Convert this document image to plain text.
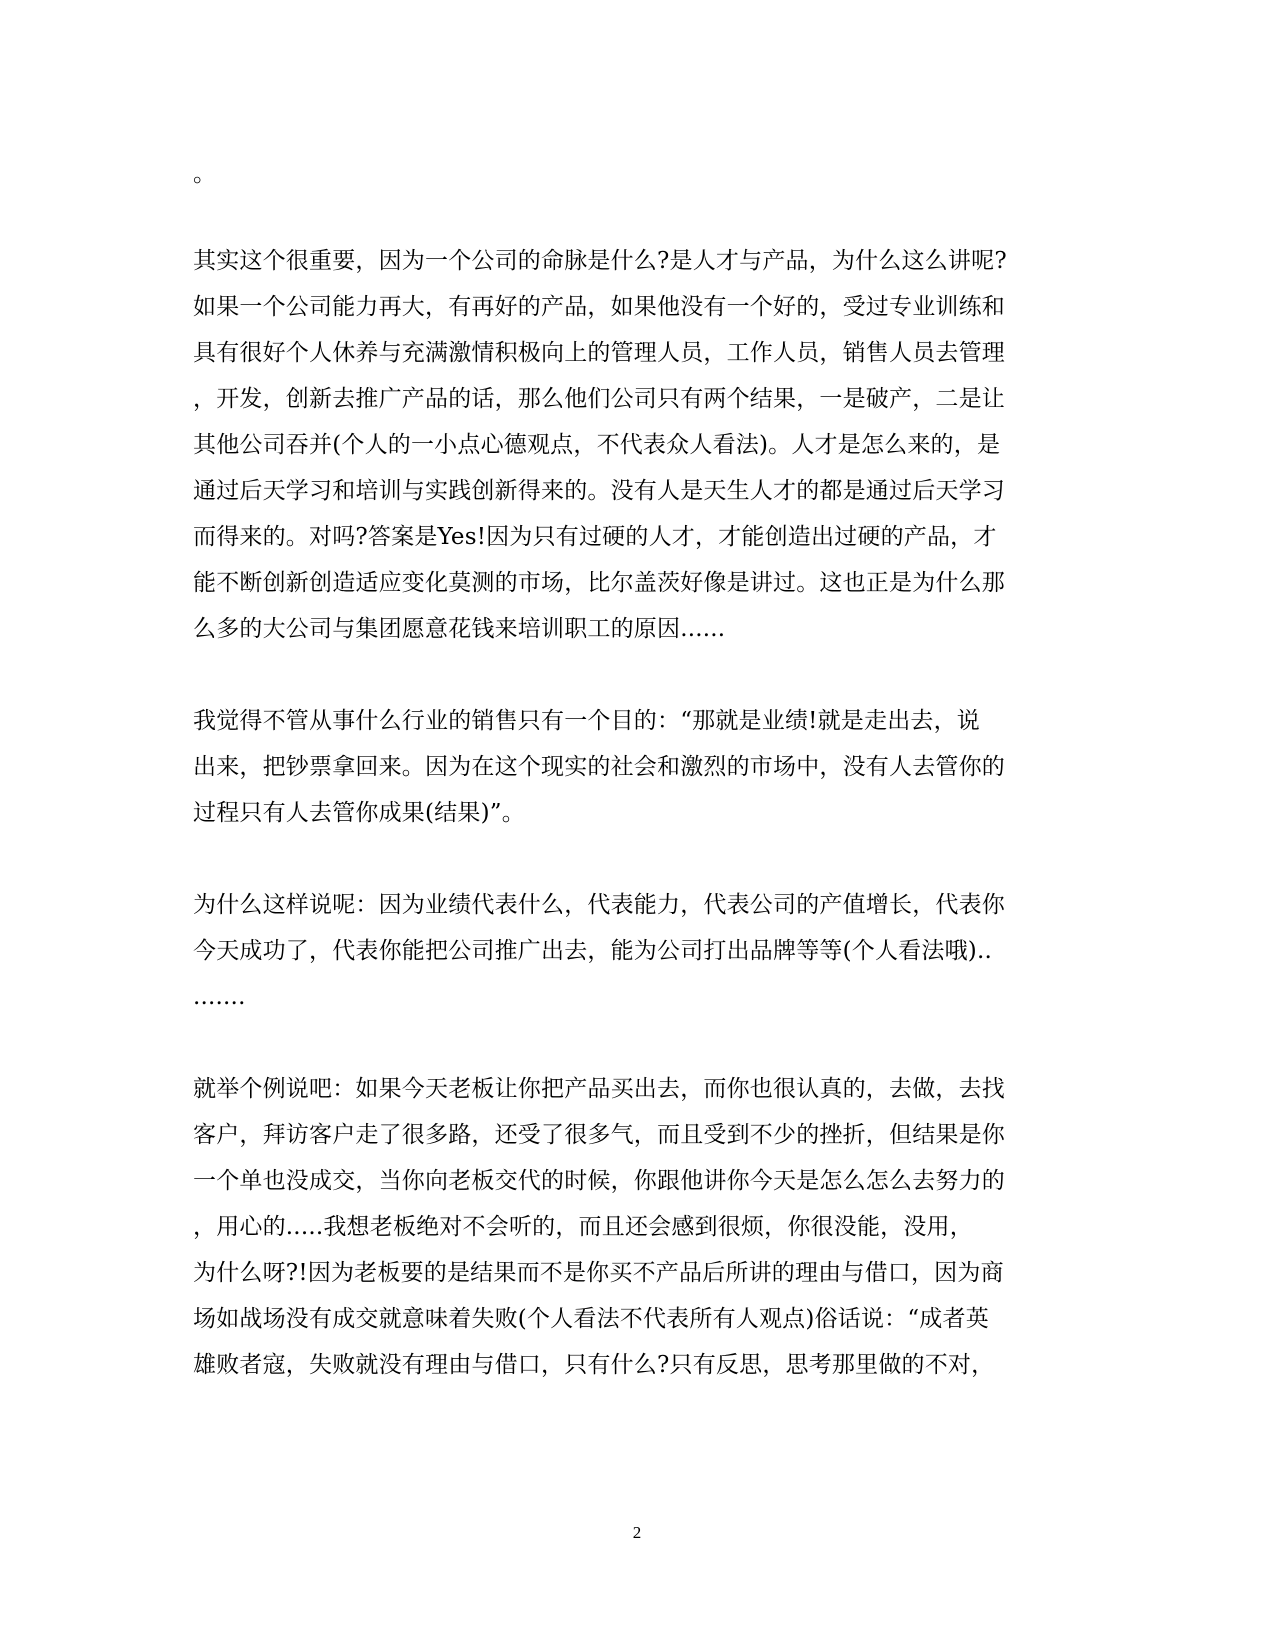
。
其实这个很重要，因为一个公司的命脉是什么?是人才与产品，为什么这么讲呢?
如果一个公司能力再大，有再好的产品，如果他没有一个好的，受过专业训练和
具有很好个人休养与充满激情积极向上的管理人员，工作人员，销售人员去管理
，开发，创新去推广产品的话，那么他们公司只有两个结果，一是破产，二是让
其他公司吞并(个人的一小点心德观点，不代表众人看法)。人才是怎么来的，是
通过后天学习和培训与实践创新得来的。没有人是天生人才的都是通过后天学习
而得来的。对吗?答案是Yes!因为只有过硬的人才，才能创造出过硬的产品，才
能不断创新创造适应变化莫测的市场，比尔盖茨好像是讲过。这也正是为什么那
么多的大公司与集团愿意花钱来培训职工的原因......
我觉得不管从事什么行业的销售只有一个目的：“那就是业绩!就是走出去，说
出来，把钞票拿回来。因为在这个现实的社会和激烈的市场中，没有人去管你的
过程只有人去管你成果(结果)”。
为什么这样说呢：因为业绩代表什么，代表能力，代表公司的产值增长，代表你
今天成功了，代表你能把公司推广出去，能为公司打出品牌等等(个人看法哦)..
.......
就举个例说吧：如果今天老板让你把产品买出去，而你也很认真的，去做，去找
客户，拜访客户走了很多路，还受了很多气，而且受到不少的挫折，但结果是你
一个单也没成交，当你向老板交代的时候，你跟他讲你今天是怎么怎么去努力的
，用心的.....我想老板绝对不会听的，而且还会感到很烦，你很没能，没用，
为什么呀?!因为老板要的是结果而不是你买不产品后所讲的理由与借口，因为商
场如战场没有成交就意味着失败(个人看法不代表所有人观点)俗话说：“成者英
雄败者寇，失败就没有理由与借口，只有什么?只有反思，思考那里做的不对，
2
